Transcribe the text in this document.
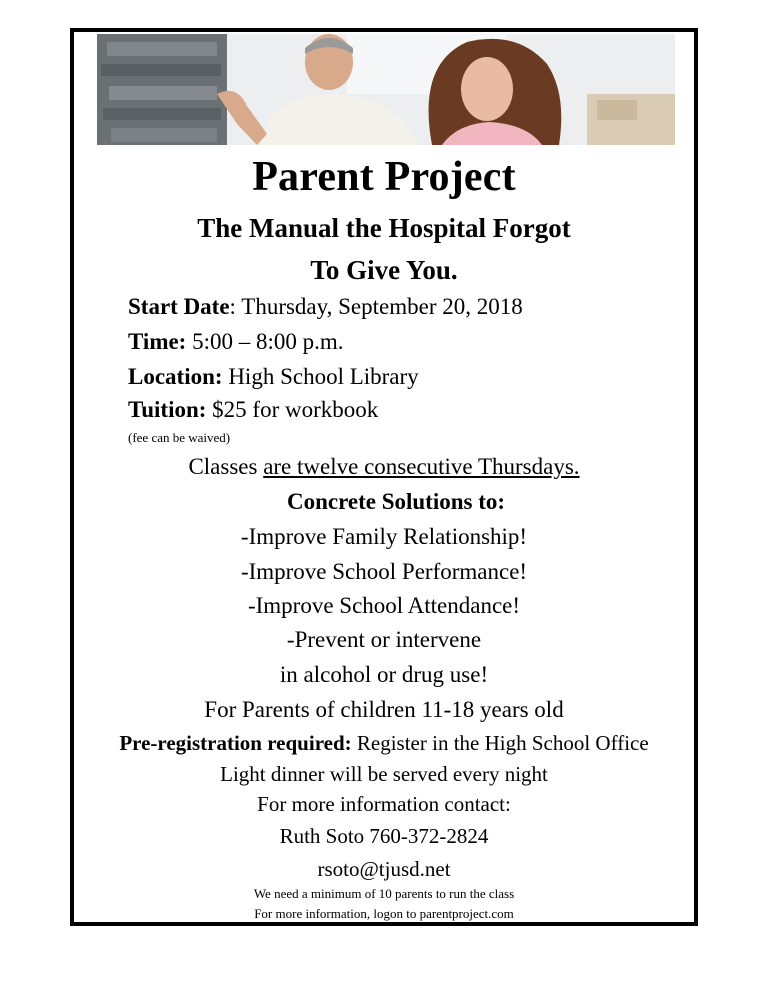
Parent Project
The Manual the Hospital Forgot
To Give You.
Start Date: Thursday, September 20, 2018
Time: 5:00 – 8:00 p.m.
Location: High School Library
Tuition: $25 for workbook
(fee can be waived)
Classes are twelve consecutive Thursdays.
Concrete Solutions to:
-Improve Family Relationship!
-Improve School Performance!
-Improve School Attendance!
-Prevent or intervene
in alcohol or drug use!
For Parents of children 11-18 years old
Pre-registration required: Register in the High School Office
Light dinner will be served every night
For more information contact:
Ruth Soto 760-372-2824
rsoto@tjusd.net
We need a minimum of 10 parents to run the class
For more information, logon to parentproject.com
